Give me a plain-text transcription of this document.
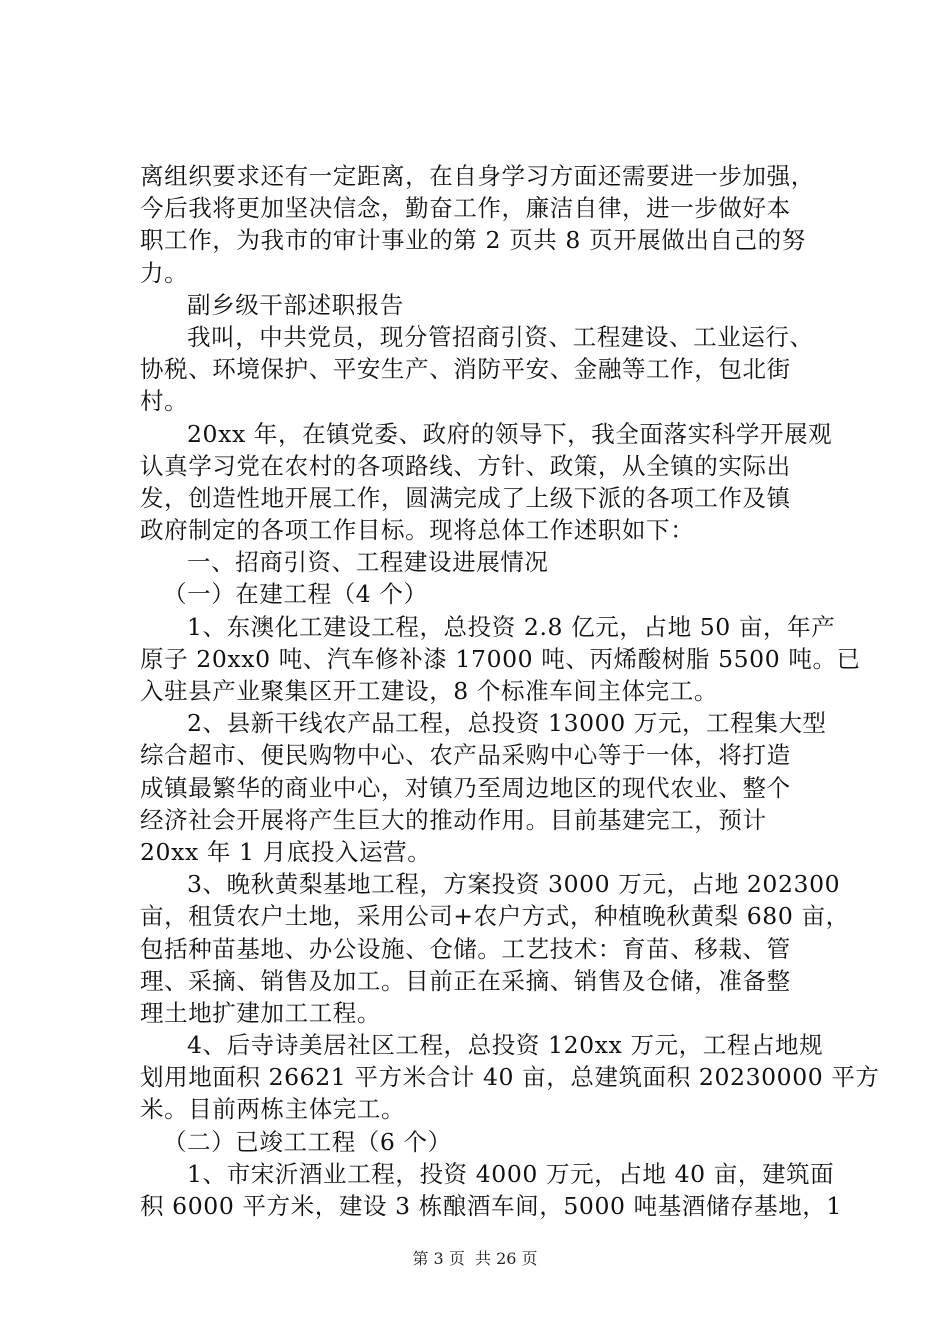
离组织要求还有一定距离，在自身学习方面还需要进一步加强，
今后我将更加坚决信念，勤奋工作，廉洁自律，进一步做好本
职工作，为我市的审计事业的第 2 页共 8 页开展做出自己的努
力。
副乡级干部述职报告
我叫，中共党员，现分管招商引资、工程建设、工业运行、
协税、环境保护、平安生产、消防平安、金融等工作，包北街
村。
20xx 年，在镇党委、政府的领导下，我全面落实科学开展观
认真学习党在农村的各项路线、方针、政策，从全镇的实际出
发，创造性地开展工作，圆满完成了上级下派的各项工作及镇
政府制定的各项工作目标。现将总体工作述职如下：
一、招商引资、工程建设进展情况
（一）在建工程（4 个）
1、东澳化工建设工程，总投资 2.8 亿元，占地 50 亩，年产
原子 20xx0 吨、汽车修补漆 17000 吨、丙烯酸树脂 5500 吨。已
入驻县产业聚集区开工建设，8 个标准车间主体完工。
2、县新干线农产品工程，总投资 13000 万元，工程集大型
综合超市、便民购物中心、农产品采购中心等于一体，将打造
成镇最繁华的商业中心，对镇乃至周边地区的现代农业、整个
经济社会开展将产生巨大的推动作用。目前基建完工，预计
20xx 年 1 月底投入运营。
3、晚秋黄梨基地工程，方案投资 3000 万元，占地 202300
亩，租赁农户土地，采用公司+农户方式，种植晚秋黄梨 680 亩，
包括种苗基地、办公设施、仓储。工艺技术：育苗、移栽、管
理、采摘、销售及加工。目前正在采摘、销售及仓储，准备整
理土地扩建加工工程。
4、后寺诗美居社区工程，总投资 120xx 万元，工程占地规
划用地面积 26621 平方米合计 40 亩，总建筑面积 20230000 平方
米。目前两栋主体完工。
（二）已竣工工程（6 个）
1、市宋沂酒业工程，投资 4000 万元，占地 40 亩，建筑面
积 6000 平方米，建设 3 栋酿酒车间，5000 吨基酒储存基地，1
第 3 页  共 26 页
